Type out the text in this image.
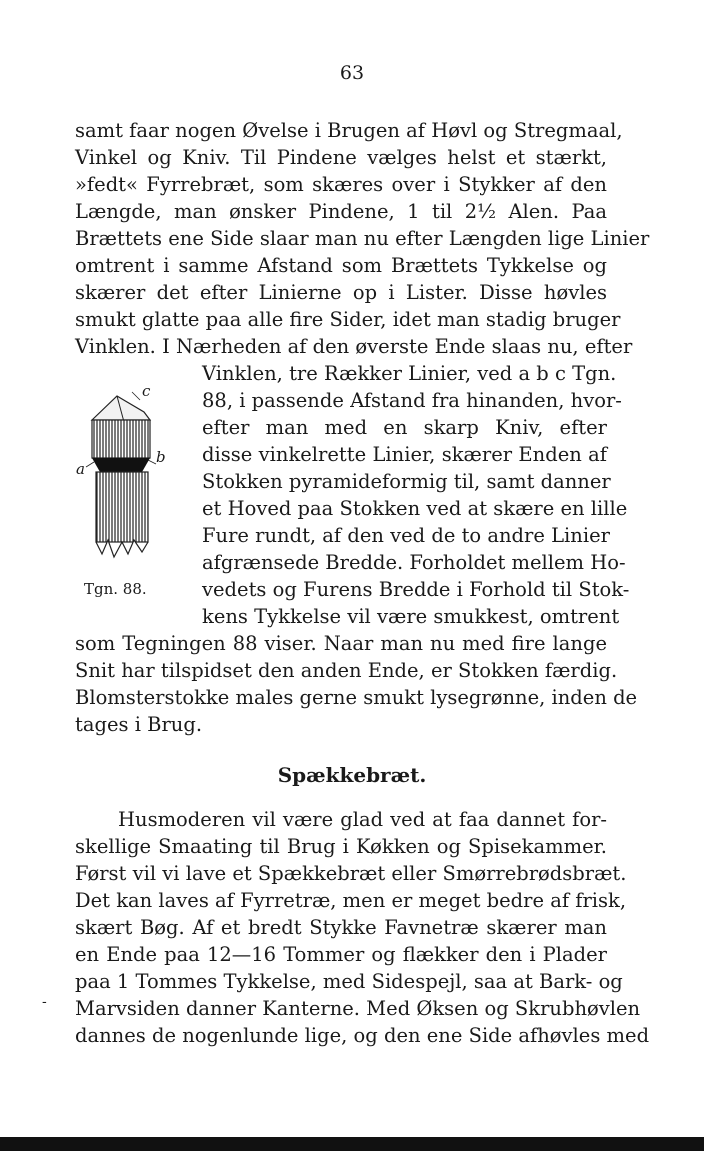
63
samt faar nogen Øvelse i Brugen af Høvl og Stregmaal,
Vinkel og Kniv. Til Pindene vælges helst et stærkt,
»fedt« Fyrrebræt, som skæres over i Stykker af den
Længde, man ønsker Pindene, 1 til 2½ Alen. Paa
Brættets ene Side slaar man nu efter Længden lige Linier
omtrent i samme Afstand som Brættets Tykkelse og
skærer det efter Linierne op i Lister. Disse høvles
smukt glatte paa alle fire Sider, idet man stadig bruger
Vinklen. I Nærheden af den øverste Ende slaas nu, efter
Vinklen, tre Rækker Linier, ved a b c Tgn.
88, i passende Afstand fra hinanden, hvor-
efter man med en skarp Kniv, efter
disse vinkelrette Linier, skærer Enden af
Stokken pyramideformig til, samt danner
et Hoved paa Stokken ved at skære en lille
Fure rundt, af den ved de to andre Linier
afgrænsede Bredde. Forholdet mellem Ho-
vedets og Furens Bredde i Forhold til Stok-
kens Tykkelse vil være smukkest, omtrent
c
a
b
Tgn. 88.
som Tegningen 88 viser. Naar man nu med fire lange
Snit har tilspidset den anden Ende, er Stokken færdig.
Blomsterstokke males gerne smukt lysegrønne, inden de
tages i Brug.
Spækkebræt.
Husmoderen vil være glad ved at faa dannet for-
skellige Smaating til Brug i Køkken og Spisekammer.
Først vil vi lave et Spækkebræt eller Smørrebrødsbræt.
Det kan laves af Fyrretræ, men er meget bedre af frisk,
skært Bøg. Af et bredt Stykke Favnetræ skærer man
en Ende paa 12—16 Tommer og flækker den i Plader
paa 1 Tommes Tykkelse, med Sidespejl, saa at Bark- og
Marvsiden danner Kanterne. Med Øksen og Skrubhøvlen
dannes de nogenlunde lige, og den ene Side afhøvles med
-
